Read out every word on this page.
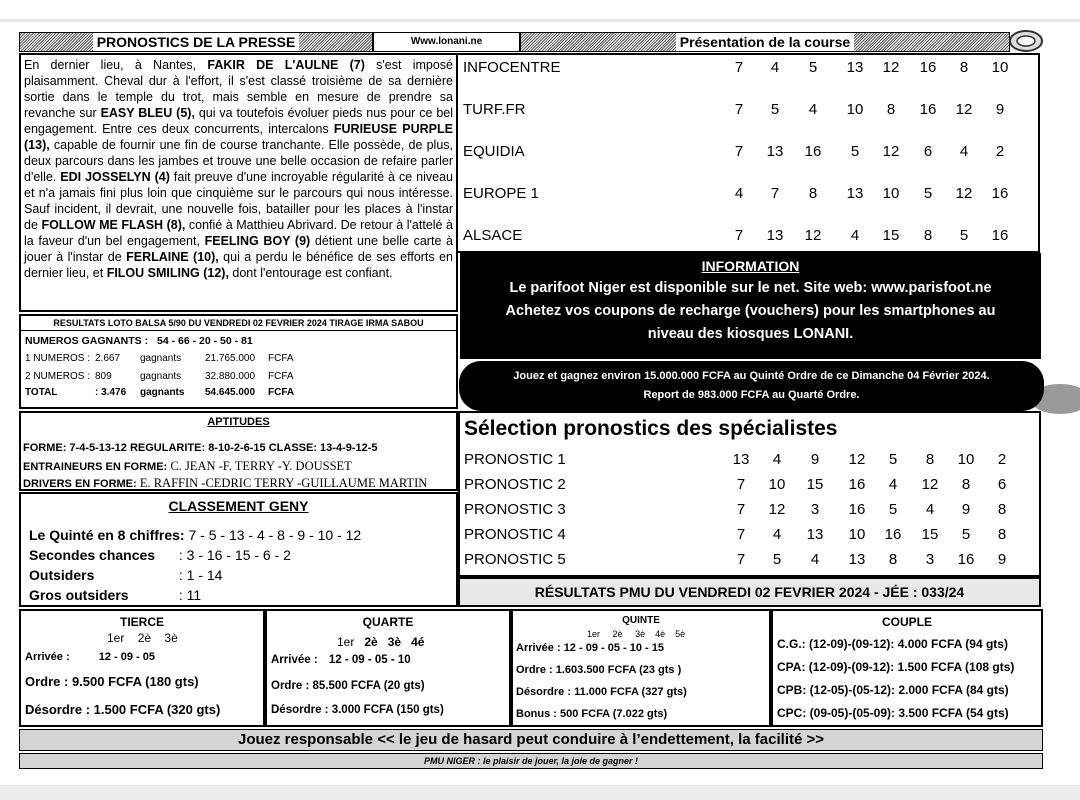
PRONOSTICS DE LA PRESSE	Www.lonani.ne	Présentation de la course
En dernier lieu, à Nantes, FAKIR DE L'AULNE (7) s'est imposé plaisamment. Cheval dur à l'effort, il s'est classé troisième de sa dernière sortie dans le temple du trot, mais semble en mesure de prendre sa revanche sur EASY BLEU (5), qui va toutefois évoluer pieds nus pour ce bel engagement. Entre ces deux concurrents, intercalons FURIEUSE PURPLE (13), capable de fournir une fin de course tranchante. Elle possède, de plus, deux parcours dans les jambes et trouve une belle occasion de refaire parler d'elle. EDI JOSSELYN (4) fait preuve d'une incroyable régularité à ce niveau et n'a jamais fini plus loin que cinquième sur le parcours qui nous intéresse. Sauf incident, il devrait, une nouvelle fois, batailler pour les places à l'instar de FOLLOW ME FLASH (8), confié à Matthieu Abrivard. De retour à l'attelé à la faveur d'un bel engagement, FEELING BOY (9) détient une belle carte à jouer à l'instar de FERLAINE (10), qui a perdu le bénéfice de ses efforts en dernier lieu, et FILOU SMILING (12), dont l'entourage est confiant.
INFOCENTRE	7	4	5	13	12	16	8	10
TURF.FR	7	5	4	10	8	16	12	9
EQUIDIA	7	13	16	5	12	6	4	2
EUROPE 1	4	7	8	13	10	5	12	16
ALSACE	7	13	12	4	15	8	5	16
RESULTATS LOTO BALSA 5/90 DU VENDREDI 02 FEVRIER 2024 TIRAGE IRMA SABOU
NUMEROS GAGNANTS : 54 - 66 - 20 - 50 - 81
1 NUMEROS : 2.667 gagnants 21.765.000 FCFA
2 NUMEROS : 809	gagnants 32.880.000 FCFA
TOTAL	: 3.476 gagnants 54.645.000 FCFA
INFORMATION
Le parifoot Niger est disponible sur le net. Site web: www.parisfoot.ne
Achetez vos coupons de recharge (vouchers) pour les smartphones au
niveau des kiosques LONANI.
Jouez et gagnez environ 15.000.000 FCFA au Quinté Ordre de ce Dimanche 04 Février 2024.
Report de 983.000 FCFA au Quarté Ordre.
APTITUDES
FORME: 7-4-5-13-12 REGULARITE: 8-10-2-6-15 CLASSE: 13-4-9-12-5
ENTRAINEURS EN FORME: C. JEAN -F. TERRY -Y. DOUSSET
DRIVERS EN FORME: E. RAFFIN -CEDRIC TERRY -GUILLAUME MARTIN
CLASSEMENT GENY
Le Quinté en 8 chiffres: 7 - 5 - 13 - 4 - 8 - 9 - 10 - 12
Secondes chances : 3 - 16 - 15 - 6 - 2
Outsiders	: 1 - 14
Gros outsiders	: 11
Sélection pronostics des spécialistes
PRONOSTIC 1	13	4	9	12	5	8	10	2
PRONOSTIC 2	7	10	15	16	4	12	8	6
PRONOSTIC 3	7	12	3	16	5	4	9	8
PRONOSTIC 4	7	4	13	10	16	15	5	8
PRONOSTIC 5	7	5	4	13	8	3	16	9
RÉSULTATS PMU DU VENDREDI 02 FEVRIER 2024 - JÉE : 033/24
TIERCE
1er 2è 3è
Arrivée :	12 - 09 - 05
Ordre : 9.500 FCFA (180 gts)
Désordre : 1.500 FCFA (320 gts)
QUARTE
1er 2è 3è 4é
Arrivée : 12 - 09 - 05 - 10
Ordre : 85.500 FCFA (20 gts)
Désordre : 3.000 FCFA (150 gts)
QUINTE
1er 2è 3è 4è 5è
Arrivée : 12 - 09 - 05 - 10 - 15
Ordre : 1.603.500 FCFA (23 gts )
Désordre : 11.000 FCFA (327 gts)
Bonus : 500 FCFA (7.022 gts)
COUPLE
C.G.: (12-09)-(09-12): 4.000 FCFA (94 gts)
CPA: (12-09)-(09-12): 1.500 FCFA (108 gts)
CPB: (12-05)-(05-12): 2.000 FCFA (84 gts)
CPC: (09-05)-(05-09): 3.500 FCFA (54 gts)
Jouez responsable << le jeu de hasard peut conduire à l’endettement, la facilité >>
PMU NIGER : le plaisir de jouer, la joie de gagner !
